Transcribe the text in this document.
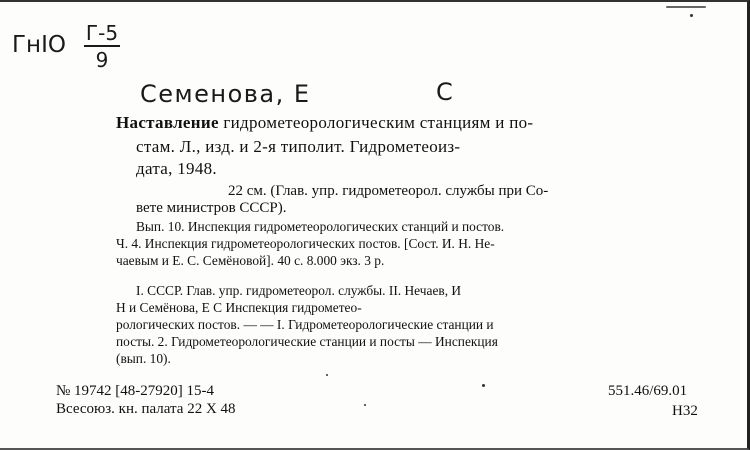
ГнIO Г-5
9
Семенова, Е	С
Наставление гидрометеорологическим станциям и по-
стам. Л., изд. и 2-я типолит. Гидрометеоиз-
дата, 1948.
22 см. (Глав. упр. гидрометеорол. службы при Со-
вете министров СССР).
Вып. 10. Инспекция гидрометеорологических станций и постов.
Ч. 4. Инспекция гидрометеорологических постов. [Сост. И. Н. Не-
чаевым и Е. С. Семёновой]. 40 с. 8.000 экз. 3 р.
I. СССР. Глав. упр. гидрометеорол. службы. II. Нечаев, И
Н и Семёнова, Е С Инспекция гидрометео-
рологических постов. — — I. Гидрометеорологические станции и
посты. 2. Гидрометеорологические станции и посты — Инспекция
(вып. 10).
№ 19742 [48-27920] 15-4
Всесоюз. кн. палата 22 X 48
551.46/69.01
Н32
